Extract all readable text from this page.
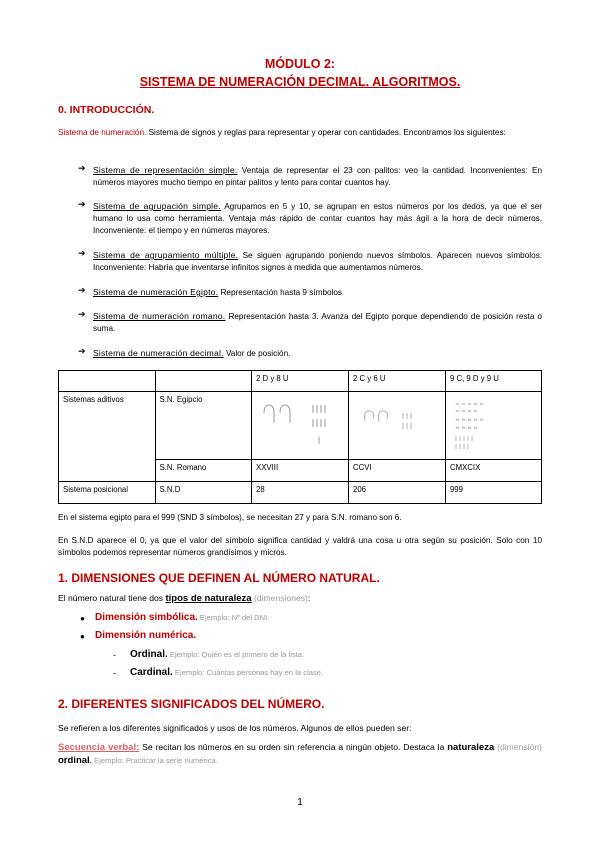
MÓDULO 2:
SISTEMA DE NUMERACIÓN DECIMAL. ALGORITMOS.
0. INTRODUCCIÓN.
Sistema de numeración. Sistema de signos y reglas para representar y operar con cantidades. Encontramos los siguientes:
➔ Sistema de representación simple. Ventaja de representar el 23 con palitos: veo la cantidad. Inconvenientes: En números mayores mucho tiempo en pintar palitos y lento para contar cuantos hay.
➔ Sistema de agrupación simple. Agrupamos en 5 y 10, se agrupan en estos números por los dedos, ya que el ser humano lo usa como herramienta. Ventaja más rápido de contar cuantos hay más ágil a la hora de decir números. Inconveniente: el tiempo y en números mayores.
➔ Sistema de agrupamiento múltiple. Se siguen agrupando poniendo nuevos símbolos. Aparecen nuevos símbolos. Inconveniente: Habría que inventarse infinitos signos a medida que aumentamos números.
➔ Sistema de numeración Egipto. Representación hasta 9 símbolos
➔ Sistema de numeración romano. Representación hasta 3. Avanza del Egipto porque dependiendo de posición resta o suma.
➔ Sistema de numeración decimal. Valor de posición.
		2 D y 8 U	2 C y 6 U	9 C, 9 D y 9 U
Sistemas aditivos	S.N. Egipcio	

	S.N. Romano	XXVIII	CCVI	CMXCIX
Sistema posicional	S.N.D	28	206	999
En el sistema egipto para el 999 (SND 3 símbolos), se necesitan 27 y para S.N. romano son 6.
En S.N.D aparece el 0, ya que el valor del símbolo significa cantidad y valdrá una cosa u otra según su posición. Solo con 10 símbolos podemos representar números grandísimos y micros.
1. DIMENSIONES QUE DEFINEN AL NÚMERO NATURAL.
El número natural tiene dos tipos de naturaleza (dimensiones):
● Dimensión simbólica. Ejemplo: Nº del DNI.
● Dimensión numérica.
- Ordinal. Ejemplo: Quién es el primero de la lista.
- Cardinal. Ejemplo: Cuántas personas hay en la clase.
2. DIFERENTES SIGNIFICADOS DEL NÚMERO.
Se refieren a los diferentes significados y usos de los números. Algunos de ellos pueden ser:
Secuencia verbal: Se recitan los números en su orden sin referencia a ningún objeto. Destaca la naturaleza (dimensión) ordinal. Ejemplo: Practicar la serie numérica.
1
